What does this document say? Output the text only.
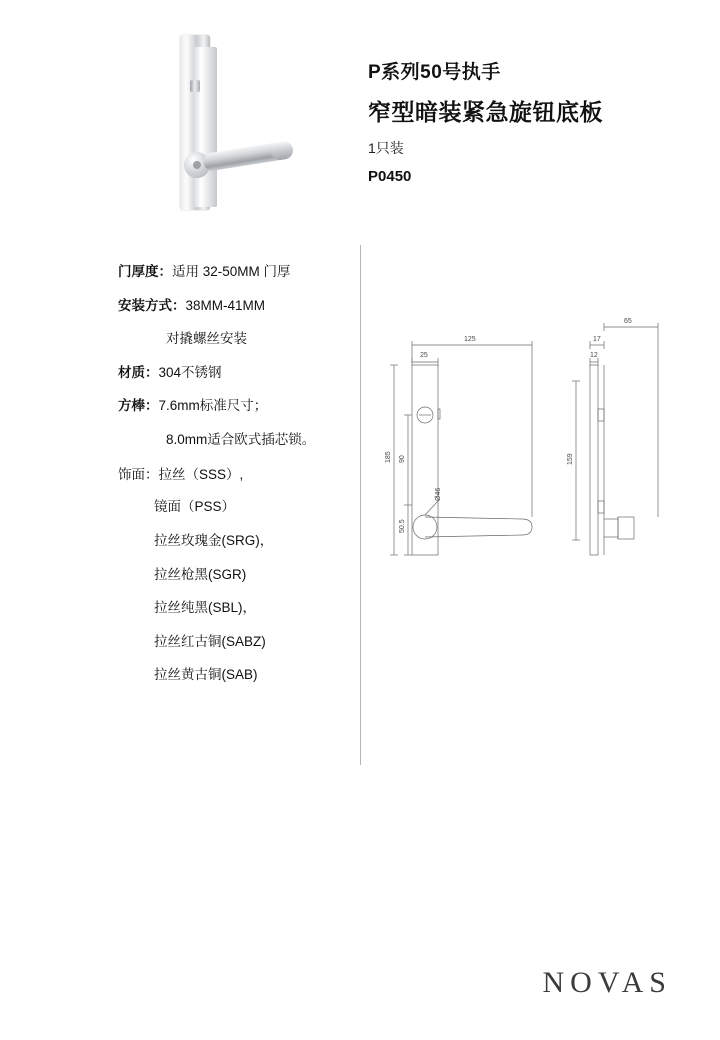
P系列50号执手
窄型暗装紧急旋钮底板
1只装
P0450
门厚度：适用 32-50MM 门厚
安装方式：38MM-41MM
对撬螺丝安装
材质：304不锈钢
方棒：7.6mm标准尺寸；
8.0mm适合欧式插芯锁。
饰面：拉丝（SSS）,
镜面（PSS）
拉丝玫瑰金(SRG)，
拉丝枪黑(SGR)
拉丝纯黑(SBL)，
拉丝红古铜(SABZ)
拉丝黄古铜(SAB)
125
25
185 90
50.5
Ø46
65
17
12
159
NOVAS
